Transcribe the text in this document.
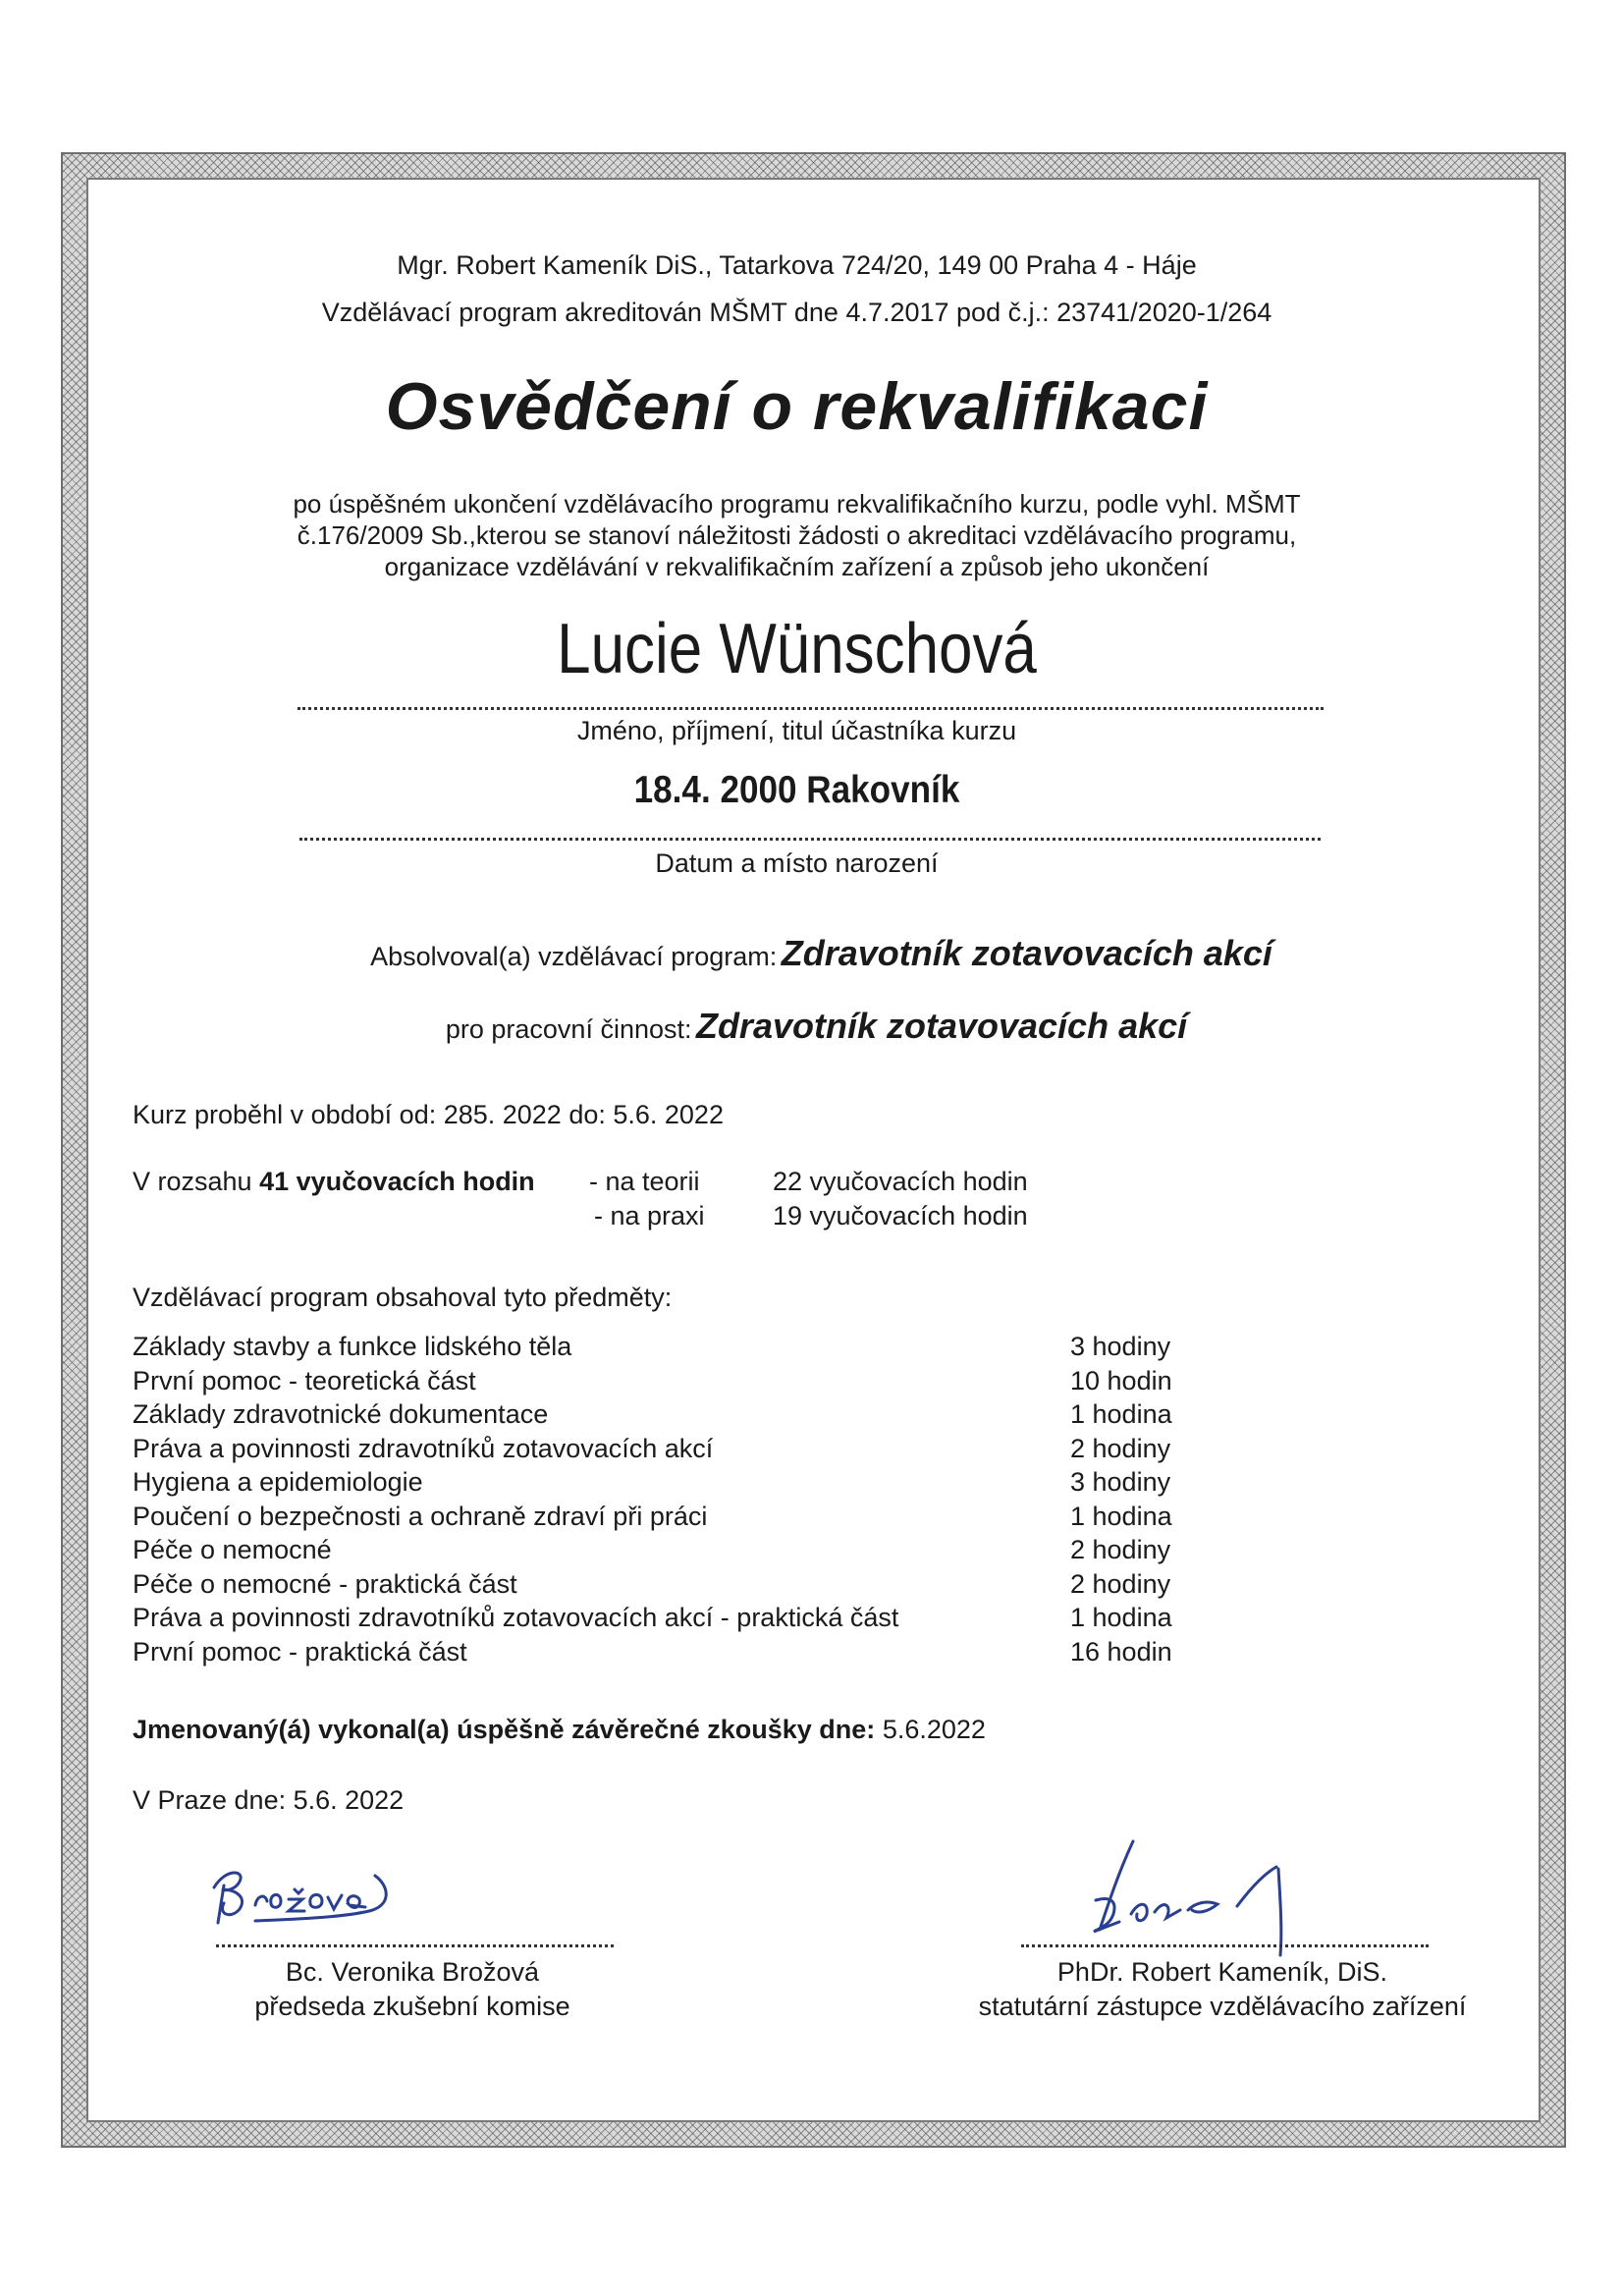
Mgr. Robert Kameník DiS., Tatarkova 724/20, 149 00 Praha 4 - Háje
Vzdělávací program akreditován MŠMT dne 4.7.2017 pod č.j.: 23741/2020-1/264
Osvědčení o rekvalifikaci
po úspěšném ukončení vzdělávacího programu rekvalifikačního kurzu, podle vyhl. MŠMT
č.176/2009 Sb.,kterou se stanoví náležitosti žádosti o akreditaci vzdělávacího programu,
organizace vzdělávání v rekvalifikačním zařízení a způsob jeho ukončení
Lucie Wünschová
Jméno, příjmení, titul účastníka kurzu
18.4. 2000 Rakovník
Datum a místo narození
Absolvoval(a) vzdělávací program: Zdravotník zotavovacích akcí
pro pracovní činnost: Zdravotník zotavovacích akcí
Kurz proběhl v období od: 285. 2022 do: 5.6. 2022
V rozsahu 41 vyučovacích hodin - na teorii	22 vyučovacích hodin
- na praxi	19 vyučovacích hodin
Vzdělávací program obsahoval tyto předměty:
Základy stavby a funkce lidského těla	3 hodiny
První pomoc - teoretická část	10 hodin
Základy zdravotnické dokumentace	1 hodina
Práva a povinnosti zdravotníků zotavovacích akcí	2 hodiny
Hygiena a epidemiologie	3 hodiny
Poučení o bezpečnosti a ochraně zdraví při práci	1 hodina
Péče o nemocné	2 hodiny
Péče o nemocné - praktická část	2 hodiny
Práva a povinnosti zdravotníků zotavovacích akcí - praktická část	1 hodina
První pomoc - praktická část	16 hodin
Jmenovaný(á) vykonal(a) úspěšně závěrečné zkoušky dne: 5.6.2022
V Praze dne: 5.6. 2022
Bc. Veronika Brožová
předseda zkušební komise
PhDr. Robert Kameník, DiS.
statutární zástupce vzdělávacího zařízení
